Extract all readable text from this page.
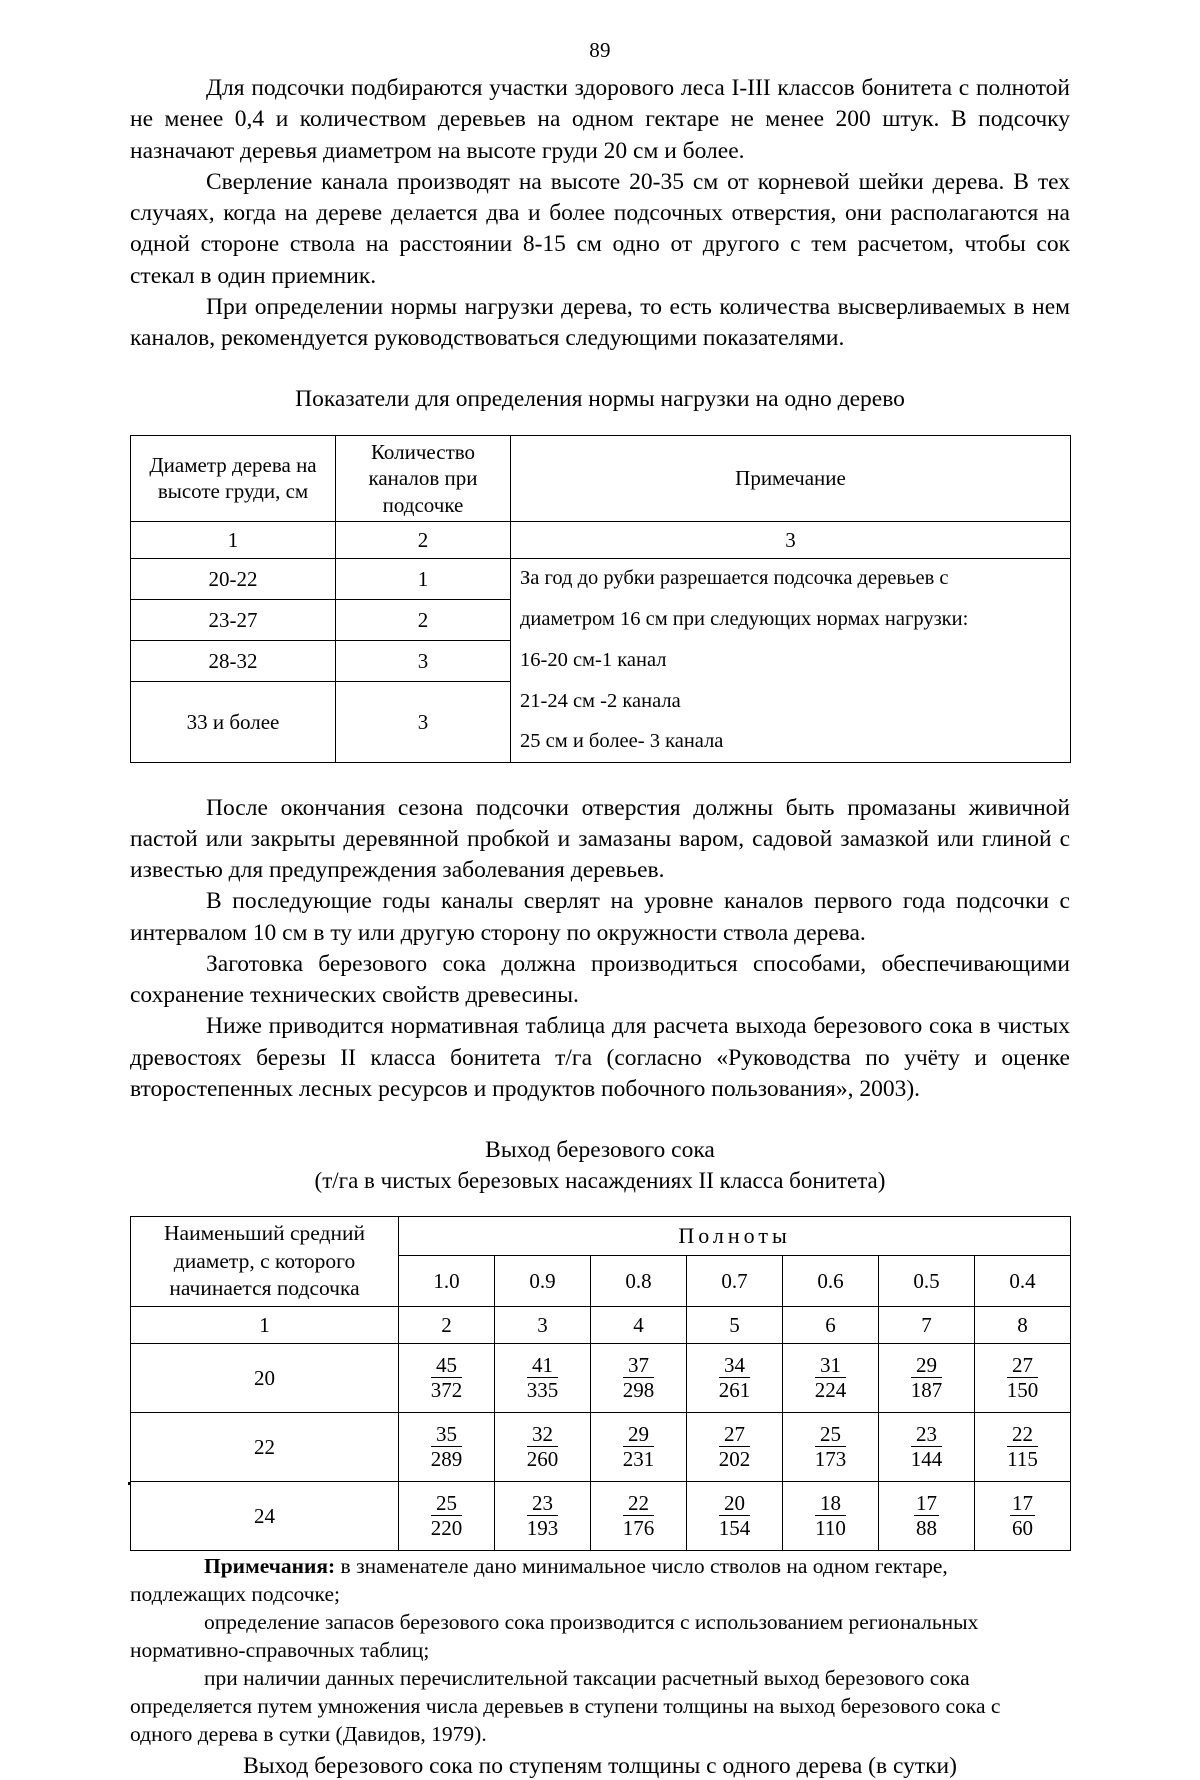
89

Для подсочки подбираются участки здорового леса I-III классов бонитета с полнотой не менее 0,4 и количеством деревьев на одном гектаре не менее 200 штук. В подсочку назначают деревья диаметром на высоте груди 20 см и более.

Сверление канала производят на высоте 20-35 см от корневой шейки дерева. В тех случаях, когда на дереве делается два и более подсочных отверстия, они располагаются на одной стороне ствола на расстоянии 8-15 см одно от другого с тем расчетом, чтобы сок стекал в один приемник.

При определении нормы нагрузки дерева, то есть количества высверливаемых в нем каналов, рекомендуется руководствоваться следующими показателями.

Показатели для определения нормы нагрузки на одно дерево

Диаметр дерева на высоте груди, см	Количество каналов при подсочке	Примечание
1	2	3
20-22	1	За год до рубки разрешается подсочка деревьев с
23-27	2	диаметром 16 см при следующих нормах нагрузки:
28-32	3	16-20 см-1 канал
33 и более	3	21-24 см -2 канала
		25 см и более- 3 канала

После окончания сезона подсочки отверстия должны быть промазаны живичной пастой или закрыты деревянной пробкой и замазаны варом, садовой замазкой или глиной с известью для предупреждения заболевания деревьев.

В последующие годы каналы сверлят на уровне каналов первого года подсочки с интервалом 10 см в ту или другую сторону по окружности ствола дерева.

Заготовка березового сока должна производиться способами, обеспечивающими сохранение технических свойств древесины.

Ниже приводится нормативная таблица для расчета выхода березового сока в чистых древостоях березы II класса бонитета т/га (согласно «Руководства по учёту и оценке второстепенных лесных ресурсов и продуктов побочного пользования», 2003).

Выход березового сока

(т/га в чистых березовых насаждениях II класса бонитета)

Наименьший средний диаметр, с которого начинается подсочка	Полноты						
	1.0	0.9	0.8	0.7	0.6	0.5	0.4
1	2	3	4	5	6	7	8
20	$\frac{45}{372}$	$\frac{41}{335}$	$\frac{37}{298}$	$\frac{34}{261}$	$\frac{31}{224}$	$\frac{29}{187}$	$\frac{27}{150}$

22	$\frac{35}{289}$	$\frac{32}{260}$	$\frac{29}{231}$	$\frac{27}{202}$	$\frac{25}{173}$	$\frac{23}{144}$	$\frac{22}{115}$

24	$\frac{25}{220}$	$\frac{23}{193}$	$\frac{22}{176}$	$\frac{20}{154}$	$\frac{18}{110}$	$\frac{17}{88}$	$\frac{17}{60}$

Примечания: в знаменателе дано минимальное число стволов на одном гектаре,

подлежащих подсочке;

определение запасов березового сока производится с использованием региональных

нормативно-справочных таблиц;

при наличии данных перечислительной таксации расчетный выход березового сока

определяется путем умножения числа деревьев в ступени толщины на выход березового сока с

одного дерева в сутки (Давидов, 1979).

Выход березового сока по ступеням толщины с одного дерева (в сутки)
